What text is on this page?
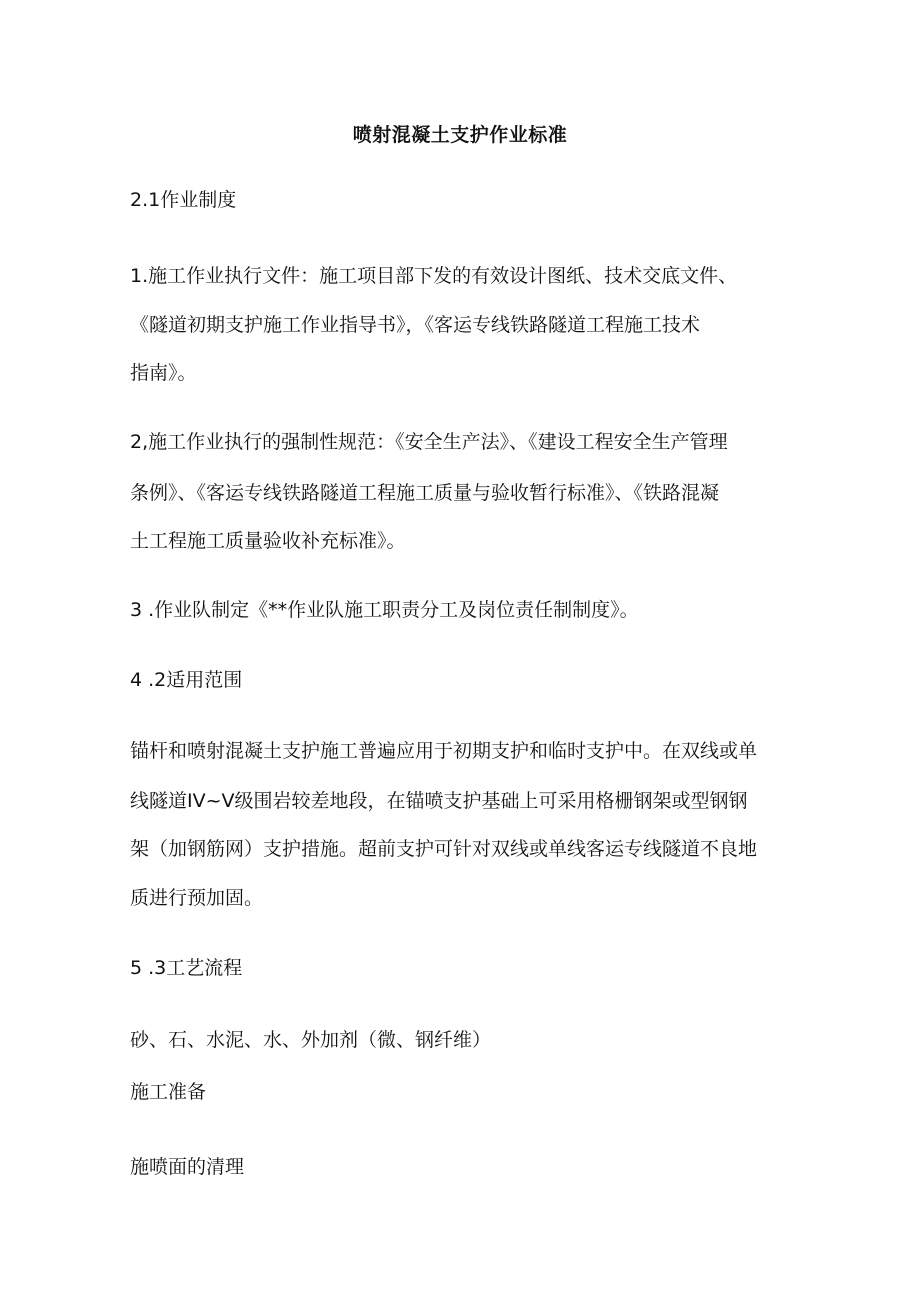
喷射混凝土支护作业标准
2.1作业制度
1.施工作业执行文件：施工项目部下发的有效设计图纸、技术交底文件、
《隧道初期支护施工作业指导书》，《客运专线铁路隧道工程施工技术
指南》。
2,施工作业执行的强制性规范：《安全生产法》、《建设工程安全生产管理
条例》、《客运专线铁路隧道工程施工质量与验收暂行标准》、《铁路混凝
土工程施工质量验收补充标准》。
3 .作业队制定《**作业队施工职责分工及岗位责任制制度》。
4 .2适用范围
锚杆和喷射混凝土支护施工普遍应用于初期支护和临时支护中。在双线或单
线隧道IV~V级围岩较差地段，在锚喷支护基础上可采用格栅钢架或型钢钢
架（加钢筋网）支护措施。超前支护可针对双线或单线客运专线隧道不良地
质进行预加固。
5 .3工艺流程
砂、石、水泥、水、外加剂（微、钢纤维）
施工准备
施喷面的清理
